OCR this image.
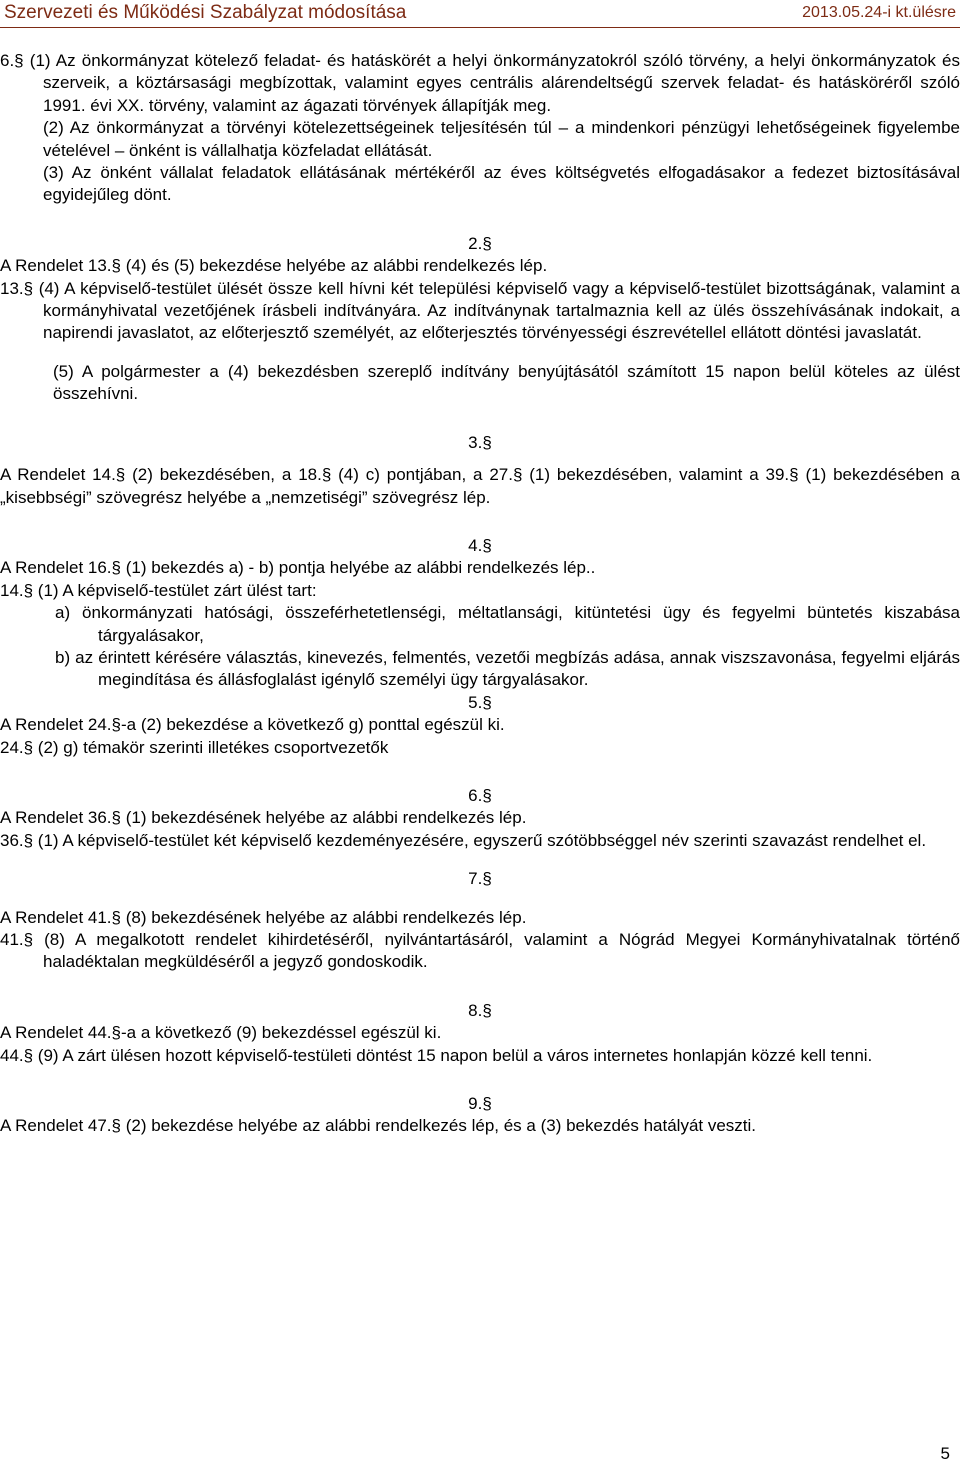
Szervezeti és Működési Szabályzat módosítása	2013.05.24-i kt.ülésre

6.§ (1) Az önkormányzat kötelező feladat- és hatáskörét a helyi önkormányzatokról szóló törvény, a helyi önkormányzatok és szerveik, a köztársasági megbízottak, valamint egyes centrális alárendeltségű szervek feladat- és hatásköréről szóló 1991. évi XX. törvény, valamint az ágazati törvények állapítják meg.

(2) Az önkormányzat a törvényi kötelezettségeinek teljesítésén túl – a mindenkori pénzügyi lehetőségeinek figyelembe vételével – önként is vállalhatja közfeladat ellátását.

(3) Az önként vállalat feladatok ellátásának mértékéről az éves költségvetés elfogadásakor a fedezet biztosításával egyidejűleg dönt.

2.§

A Rendelet 13.§ (4) és (5) bekezdése helyébe az alábbi rendelkezés lép.

13.§ (4) A képviselő-testület ülését össze kell hívni két települési képviselő vagy a képviselő-testület bizottságának, valamint a kormányhivatal vezetőjének írásbeli indítványára. Az indítványnak tartalmaznia kell az ülés összehívásának indokait, a napirendi javaslatot, az előterjesztő személyét, az előterjesztés törvényességi észrevétellel ellátott döntési javaslatát.

(5) A polgármester a (4) bekezdésben szereplő indítvány benyújtásától számított 15 napon belül köteles az ülést összehívni.

3.§

A Rendelet 14.§ (2) bekezdésében, a 18.§ (4) c) pontjában, a 27.§ (1) bekezdésében, valamint a 39.§ (1) bekezdésében a „kisebbségi” szövegrész helyébe a „nemzetiségi” szövegrész lép.

4.§

A Rendelet 16.§ (1) bekezdés a) - b) pontja helyébe az alábbi rendelkezés lép..

14.§ (1) A képviselő-testület zárt ülést tart:

a) önkormányzati hatósági, összeférhetetlenségi, méltatlansági, kitüntetési ügy és fegyelmi büntetés kiszabása tárgyalásakor,

b) az érintett kérésére választás, kinevezés, felmentés, vezetői megbízás adása, annak viszszavonása, fegyelmi eljárás megindítása és állásfoglalást igénylő személyi ügy tárgyalásakor.

5.§

A Rendelet 24.§-a (2) bekezdése a következő g) ponttal egészül ki.

24.§ (2) g) témakör szerinti illetékes csoportvezetők

6.§

A Rendelet 36.§ (1) bekezdésének helyébe az alábbi rendelkezés lép.

36.§ (1) A képviselő-testület két képviselő kezdeményezésére, egyszerű szótöbbséggel név szerinti szavazást rendelhet el.

7.§

A Rendelet 41.§ (8) bekezdésének helyébe az alábbi rendelkezés lép.

41.§ (8) A megalkotott rendelet kihirdetéséről, nyilvántartásáról, valamint a Nógrád Megyei Kormányhivatalnak történő haladéktalan megküldéséről a jegyző gondoskodik.

8.§

A Rendelet 44.§-a a következő (9) bekezdéssel egészül ki.

44.§ (9) A zárt ülésen hozott képviselő-testületi döntést 15 napon belül a város internetes honlapján közzé kell tenni.

9.§

A Rendelet 47.§ (2) bekezdése helyébe az alábbi rendelkezés lép, és a (3) bekezdés hatályát veszti.

5
